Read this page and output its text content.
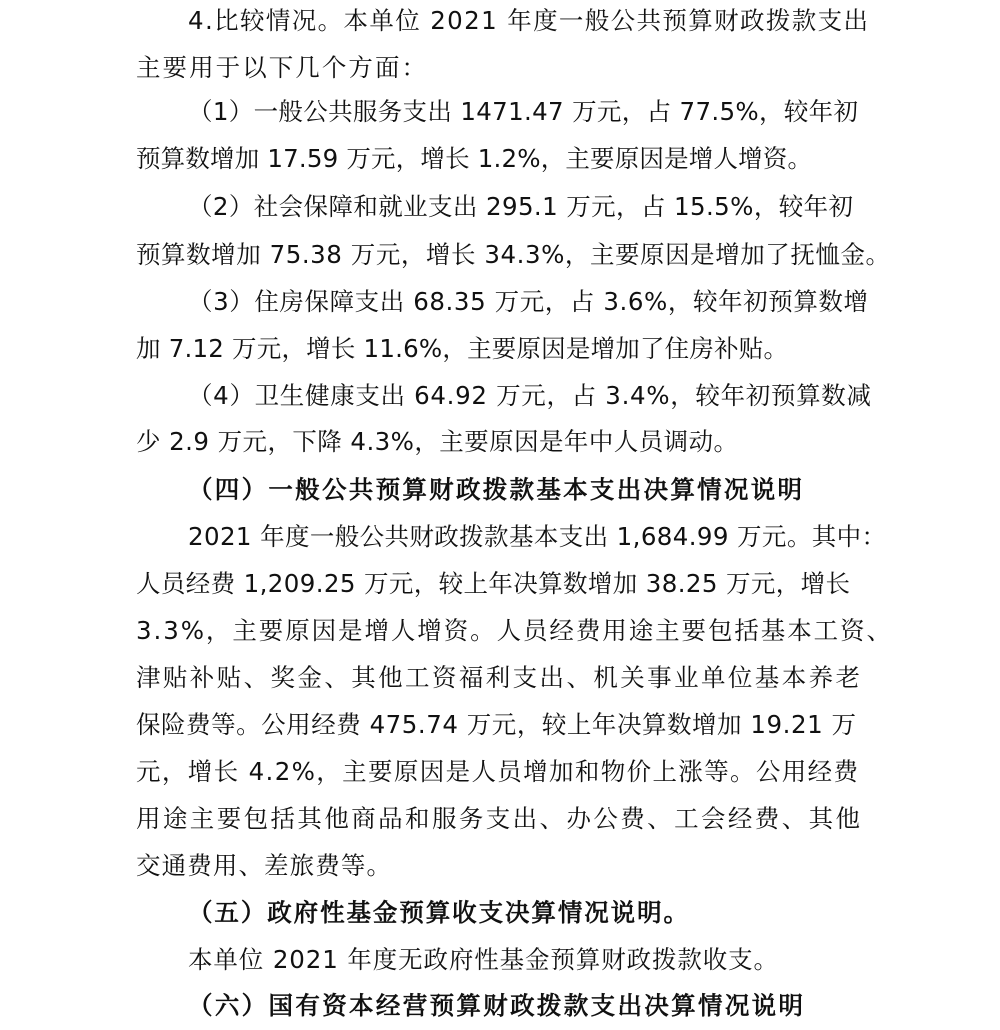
4.比较情况。本单位 2021 年度一般公共预算财政拨款支出
主要用于以下几个方面：
（1）一般公共服务支出 1471.47 万元，占 77.5%，较年初
预算数增加 17.59 万元，增长 1.2%，主要原因是增人增资。
（2）社会保障和就业支出 295.1 万元，占 15.5%，较年初
预算数增加 75.38 万元，增长 34.3%，主要原因是增加了抚恤金。
（3）住房保障支出 68.35 万元，占 3.6%，较年初预算数增
加 7.12 万元，增长 11.6%，主要原因是增加了住房补贴。
（4）卫生健康支出 64.92 万元，占 3.4%，较年初预算数减
少 2.9 万元，下降 4.3%，主要原因是年中人员调动。
（四）一般公共预算财政拨款基本支出决算情况说明
2021 年度一般公共财政拨款基本支出 1,684.99 万元。其中：
人员经费 1,209.25 万元，较上年决算数增加 38.25 万元，增长
3.3%，主要原因是增人增资。人员经费用途主要包括基本工资、
津贴补贴、奖金、其他工资福利支出、机关事业单位基本养老
保险费等。公用经费 475.74 万元，较上年决算数增加 19.21 万
元，增长 4.2%，主要原因是人员增加和物价上涨等。公用经费
用途主要包括其他商品和服务支出、办公费、工会经费、其他
交通费用、差旅费等。
（五）政府性基金预算收支决算情况说明。
本单位 2021 年度无政府性基金预算财政拨款收支。
（六）国有资本经营预算财政拨款支出决算情况说明
